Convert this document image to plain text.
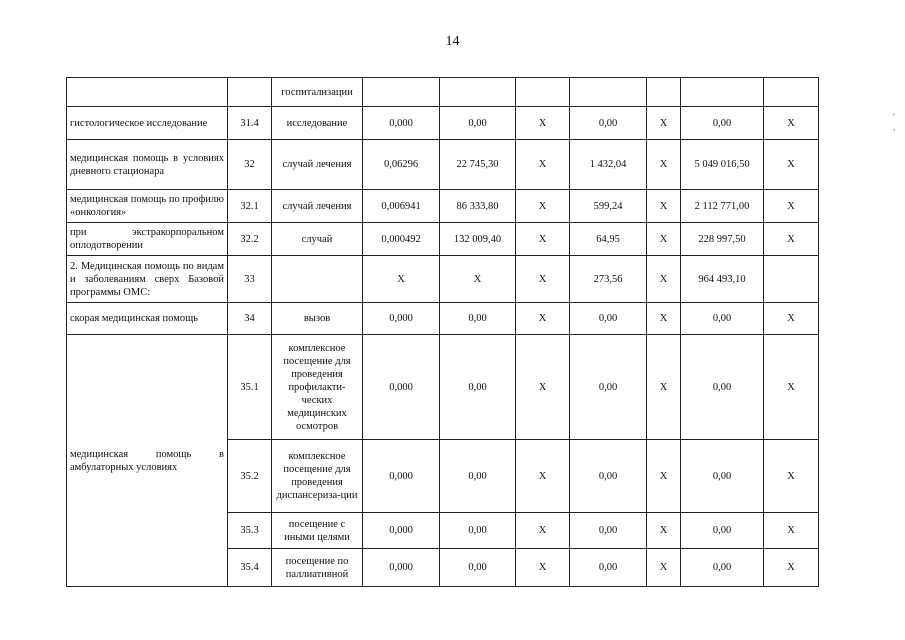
14
		госпитализации							
гистологическое исследование	31.4	исследование	0,000	0,00	X	0,00	X	0,00	X
медицинская помощь в условиях дневного стационара	32	случай лечения	0,06296	22 745,30	X	1 432,04	X	5 049 016,50	X
медицинская помощь по профилю «онкология»	32.1	случай лечения	0,006941	86 333,80	X	599,24	X	2 112 771,00	X
при экстракорпоральном оплодотворении	32.2	случай	0,000492	132 009,40	X	64,95	X	228 997,50	X
2. Медицинская помощь по видам и заболеваниям сверх Базовой программы ОМС:	33		X	X	X	273,56	X	964 493,10	
скорая медицинская помощь	34	вызов	0,000	0,00	X	0,00	X	0,00	X
медицинская помощь в амбулаторных условиях	35.1	комплексное посещение для проведения профилакти-ческих медицинских осмотров	0,000	0,00	X	0,00	X	0,00	X
	35.2	комплексное посещение для проведения диспансериза-ции	0,000	0,00	X	0,00	X	0,00	X
	35.3	посещение с иными целями	0,000	0,00	X	0,00	X	0,00	X
	35.4	посещение по паллиативной	0,000	0,00	X	0,00	X	0,00	X
'
,
